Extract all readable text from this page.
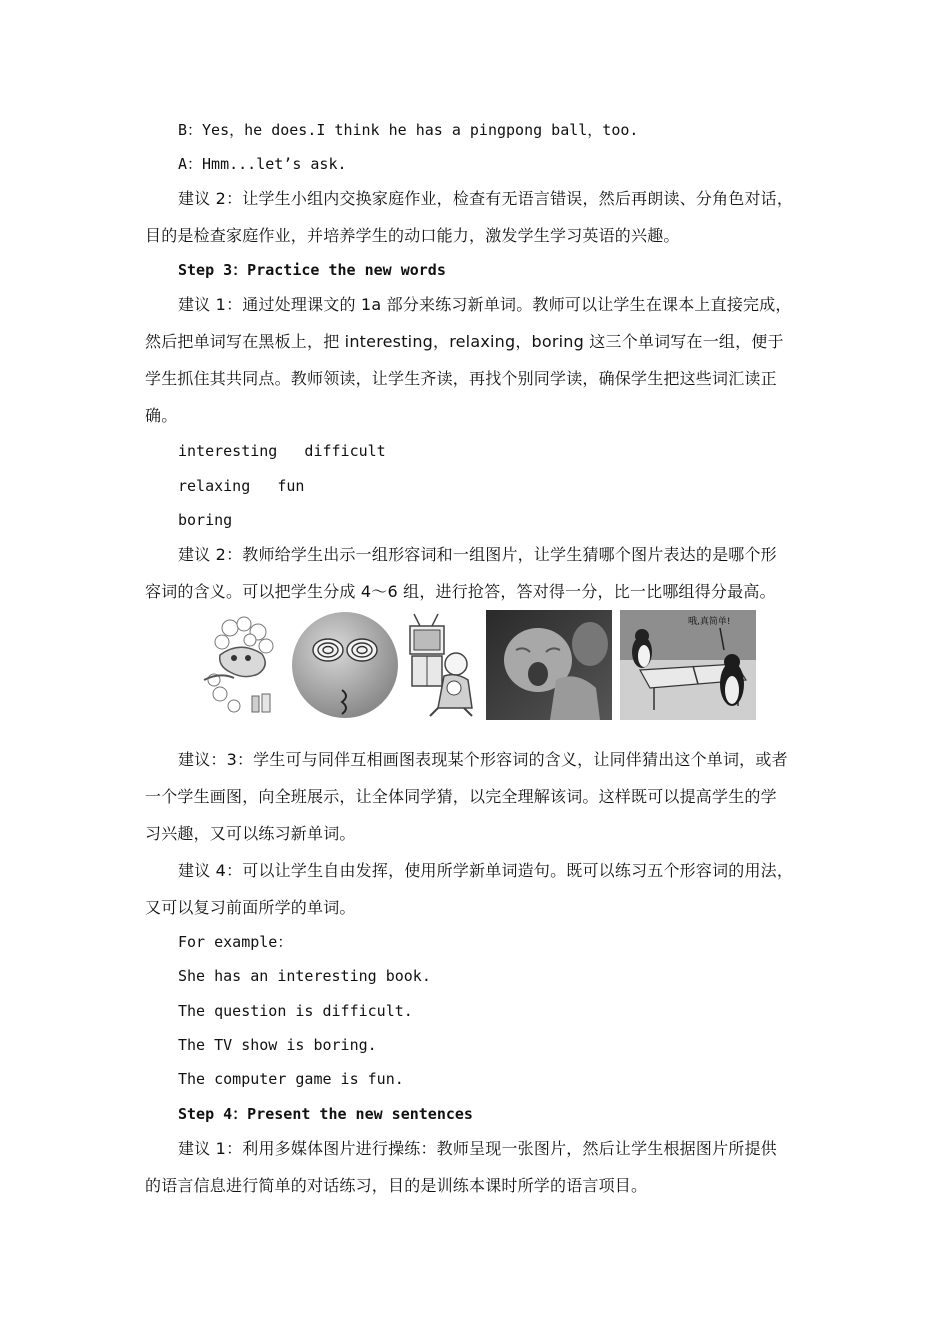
B：Yes，he does.I think he has a pingpong ball，too.
A：Hmm...let’s ask.
建议 2：让学生小组内交换家庭作业，检查有无语言错误，然后再朗读、分角色对话，
目的是检查家庭作业，并培养学生的动口能力，激发学生学习英语的兴趣。
Step 3：Practice the new words
建议 1：通过处理课文的 1a 部分来练习新单词。教师可以让学生在课本上直接完成，
然后把单词写在黑板上，把 interesting，relaxing，boring 这三个单词写在一组，便于
学生抓住其共同点。教师领读，让学生齐读，再找个别同学读，确保学生把这些词汇读正
确。
interesting   difficult
relaxing   fun
boring
建议 2：教师给学生出示一组形容词和一组图片，让学生猜哪个图片表达的是哪个形
容词的含义。可以把学生分成 4～6 组，进行抢答，答对得一分，比一比哪组得分最高。
哦,真简单!
建议：3：学生可与同伴互相画图表现某个形容词的含义，让同伴猜出这个单词，或者
一个学生画图，向全班展示，让全体同学猜，以完全理解该词。这样既可以提高学生的学
习兴趣，又可以练习新单词。
建议 4：可以让学生自由发挥，使用所学新单词造句。既可以练习五个形容词的用法，
又可以复习前面所学的单词。
For example：
She has an interesting book.
The question is difficult.
The TV show is boring.
The computer game is fun.
Step 4：Present the new sentences
建议 1：利用多媒体图片进行操练：教师呈现一张图片，然后让学生根据图片所提供
的语言信息进行简单的对话练习，目的是训练本课时所学的语言项目。
